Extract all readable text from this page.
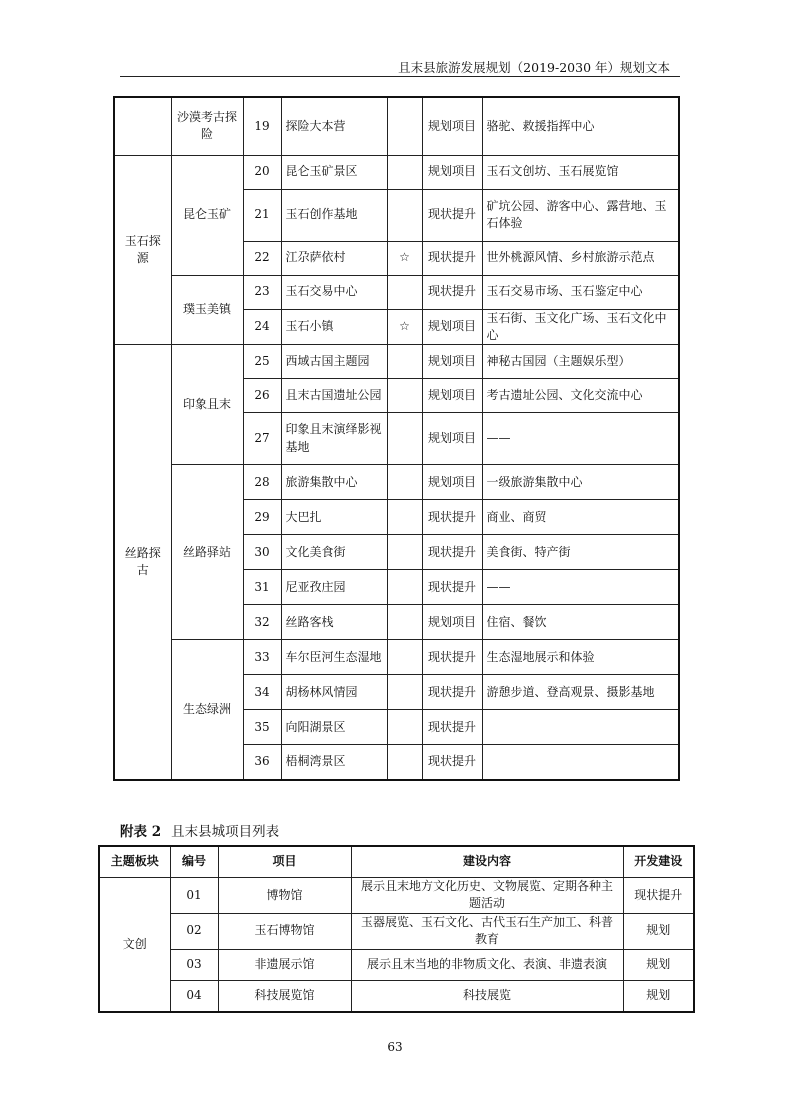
且末县旅游发展规划（2019-2030 年）规划文本
	沙漠考古探险	19	探险大本营		规划项目	骆驼、救援指挥中心
玉石探源	昆仑玉矿	20	昆仑玉矿景区		规划项目	玉石文创坊、玉石展览馆
		21	玉石创作基地		现状提升	矿坑公园、游客中心、露营地、玉石体验
		22	江尕萨依村	☆	现状提升	世外桃源风情、乡村旅游示范点
	璞玉美镇	23	玉石交易中心		现状提升	玉石交易市场、玉石鉴定中心
		24	玉石小镇	☆	规划项目	玉石街、玉文化广场、玉石文化中心
丝路探古	印象且末	25	西域古国主题园		规划项目	神秘古国园（主题娱乐型）
		26	且末古国遗址公园		规划项目	考古遗址公园、文化交流中心
		27	印象且末演绎影视基地		规划项目	——
	丝路驿站	28	旅游集散中心		规划项目	一级旅游集散中心
		29	大巴扎		现状提升	商业、商贸
		30	文化美食街		现状提升	美食街、特产街
		31	尼亚孜庄园		现状提升	——
		32	丝路客栈		规划项目	住宿、餐饮
	生态绿洲	33	车尔臣河生态湿地		现状提升	生态湿地展示和体验
		34	胡杨林风情园		现状提升	游憩步道、登高观景、摄影基地
		35	向阳湖景区		现状提升	
		36	梧桐湾景区		现状提升	
附表 2 且末县城项目列表
主题板块	编号	项目	建设内容	开发建设
文创	01	博物馆	展示且末地方文化历史、文物展览、定期各种主题活动	现状提升
	02	玉石博物馆	玉器展览、玉石文化、古代玉石生产加工、科普教育	规划
	03	非遗展示馆	展示且末当地的非物质文化、表演、非遗表演	规划
	04	科技展览馆	科技展览	规划
63
